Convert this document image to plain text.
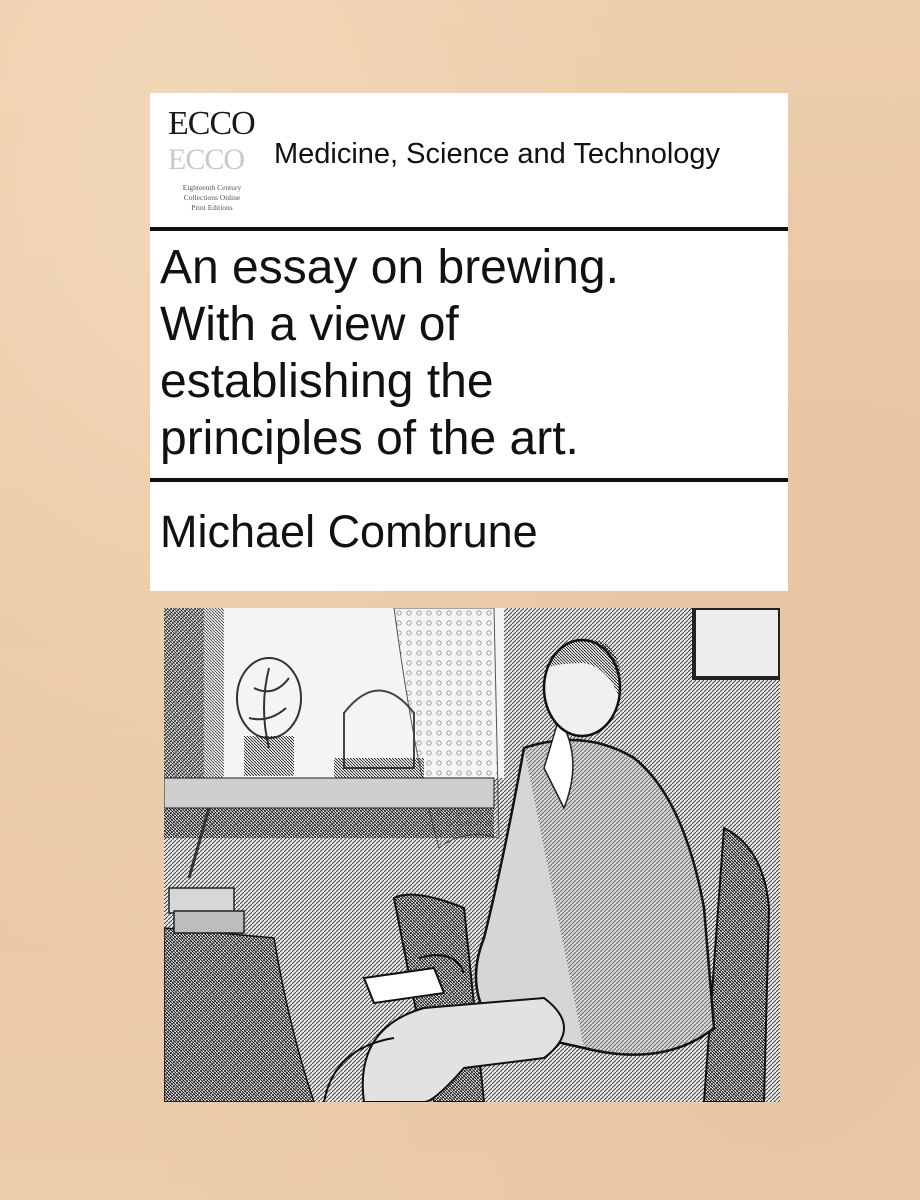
ECCO
ECCO
Eighteenth Century
Collections Online
Print Editions
Medicine, Science and Technology
An essay on brewing.
With a view of
establishing the
principles of the art.
Michael Combrune
